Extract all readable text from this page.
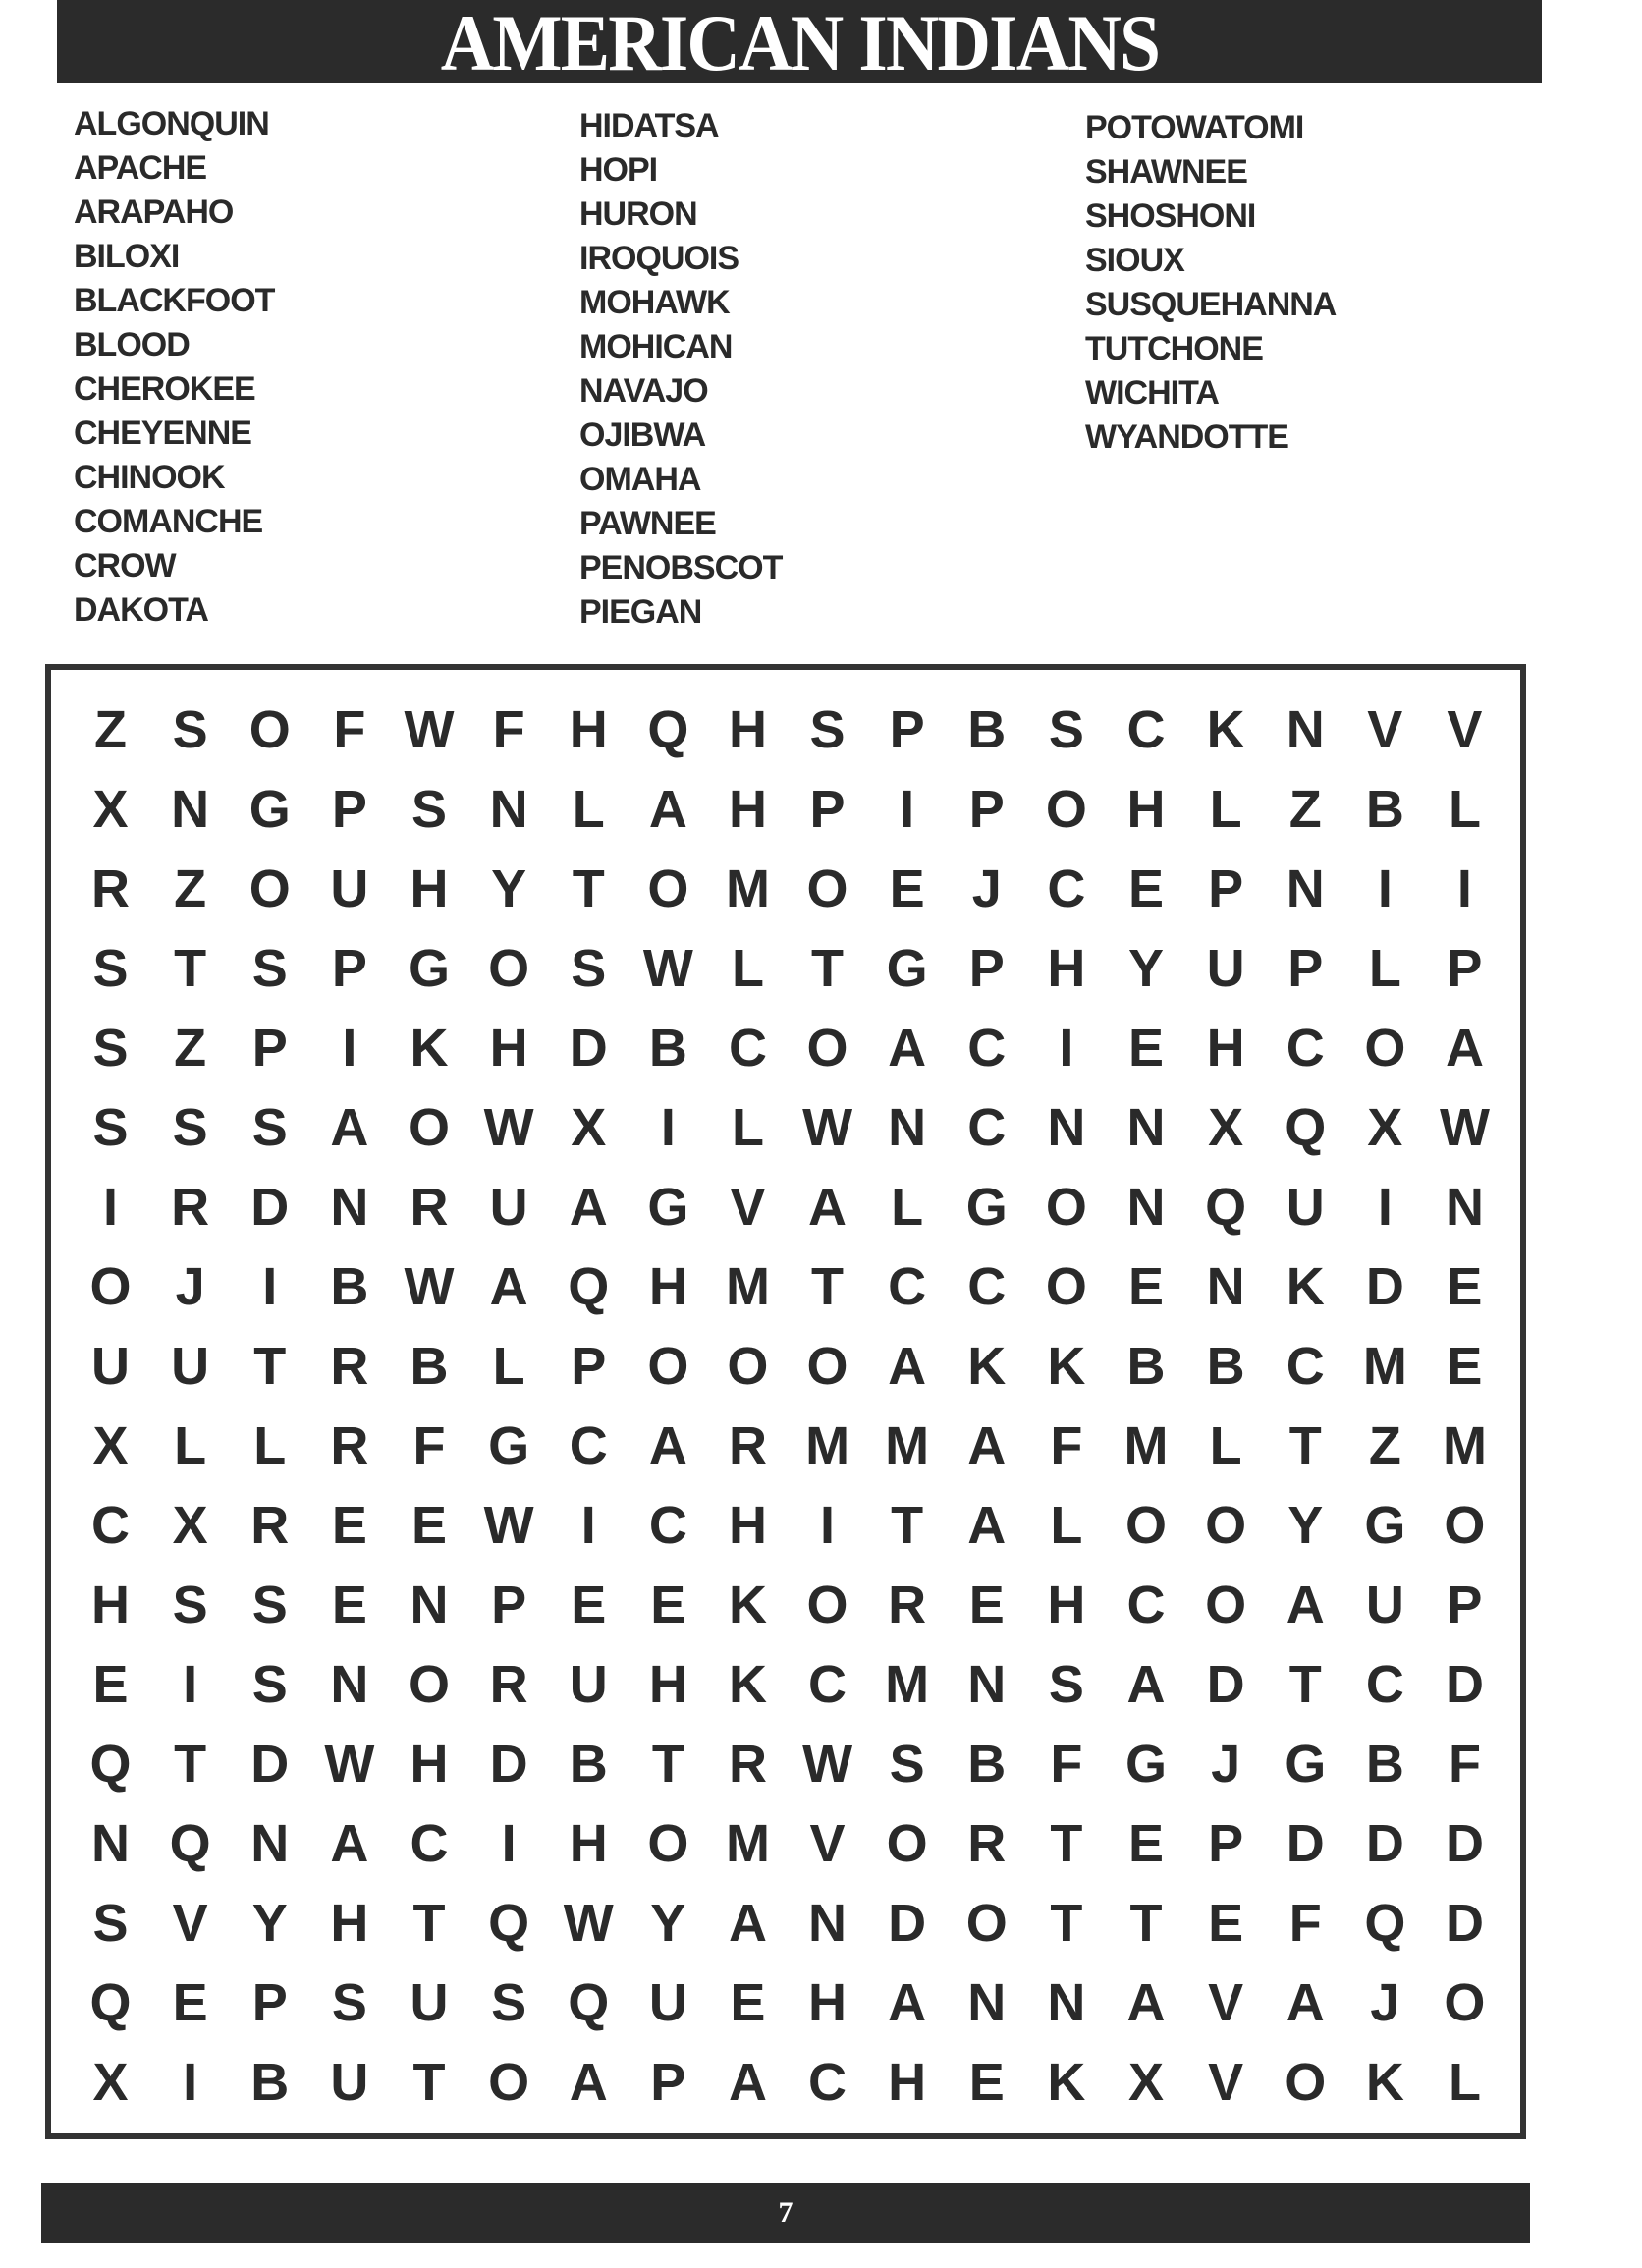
AMERICAN INDIANS
ALGONQUIN
APACHE
ARAPAHO
BILOXI
BLACKFOOT
BLOOD
CHEROKEE
CHEYENNE
CHINOOK
COMANCHE
CROW
DAKOTA
HIDATSA
HOPI
HURON
IROQUOIS
MOHAWK
MOHICAN
NAVAJO
OJIBWA
OMAHA
PAWNEE
PENOBSCOT
PIEGAN
POTOWATOMI
SHAWNEE
SHOSHONI
SIOUX
SUSQUEHANNA
TUTCHONE
WICHITA
WYANDOTTE
Z S O F W F H Q H S P B S C K N V V
X N G P S N L A H P	I	P O H L Z B L
R Z O U H Y T O M O E J C E P N	I	I
S T S P G O S W L T G P H Y U P L P
S Z P	I	K H D B C O A C	I	E H C O A
S S S A O W X	I	L W N C N N X Q X W
I	R D N R U A G V A L G O N Q U	I	N
O J	I	B W A Q H M T C C O E N K D E
U U T R B L P O O O A K K B B C M E
X L L R F G C A R M M A F M L T Z M
C X R E E W I	C H	I	T A L O O Y G O
H S S E N P E E K O R E H C O A U P
E	I	S N O R U H K C M N S A D T C D
Q T D W H D B T R W S B F G J G B F
N Q N A C	I	H O M V O R T E P D D D
S V Y H T Q W Y A N D O T T E F Q D
Q E P S U S Q U E H A N N A V A J O
X	I	B U T O A P A C H E K X V O K L
7
